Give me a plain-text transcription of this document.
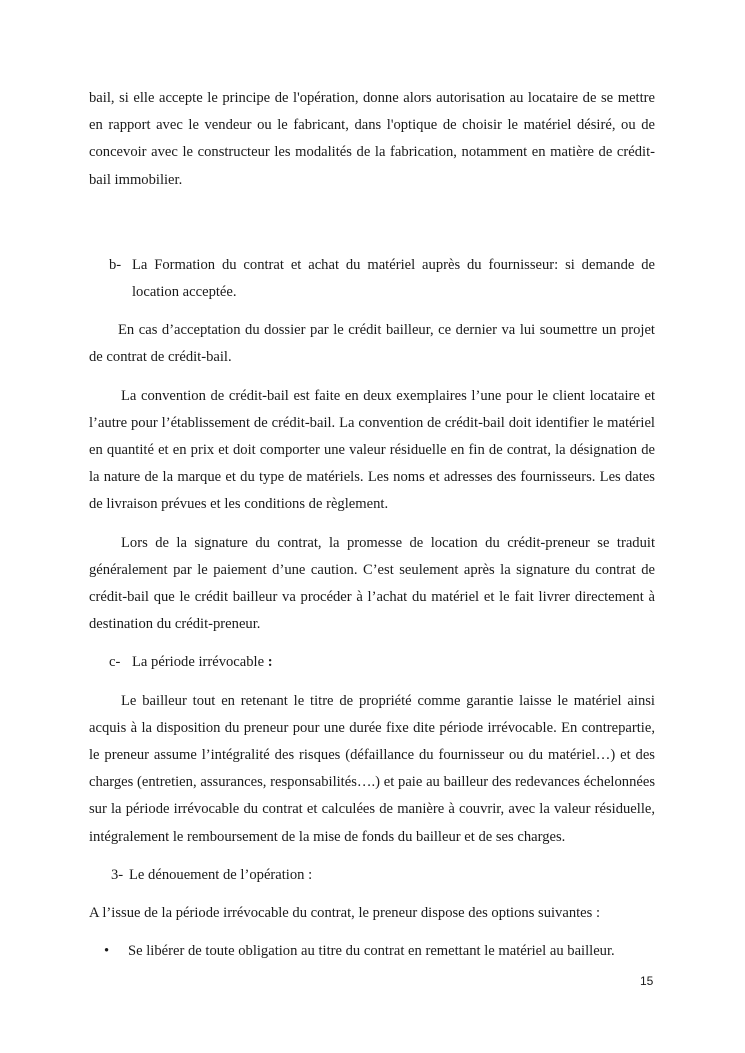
bail, si elle accepte le principe de l'opération, donne alors autorisation au locataire de se mettre en rapport avec le vendeur ou le fabricant, dans l'optique de choisir le matériel désiré, ou de concevoir avec le constructeur les modalités de la fabrication, notamment en matière de crédit-bail immobilier.

b- La Formation du contrat et achat du matériel auprès du fournisseur: si demande de location acceptée.

En cas d’acceptation du dossier par le crédit bailleur, ce dernier va lui soumettre un projet de contrat de crédit-bail.

La convention de crédit-bail est faite en deux exemplaires l’une pour le client locataire et l’autre pour l’établissement de crédit-bail. La convention de crédit-bail doit identifier le matériel en quantité et en prix et doit comporter une valeur résiduelle en fin de contrat, la désignation de la nature de la marque et du type de matériels. Les noms et adresses des fournisseurs. Les dates de livraison prévues et les conditions de règlement.

Lors de la signature du contrat, la promesse de location du crédit-preneur se traduit généralement par le paiement d’une caution. C’est seulement après la signature du contrat de crédit-bail que le crédit bailleur va procéder à l’achat du matériel et le fait livrer directement à destination du crédit-preneur.

c- La période irrévocable :

Le bailleur tout en retenant le titre de propriété comme garantie laisse le matériel ainsi acquis à la disposition du preneur pour une durée fixe dite période irrévocable. En contrepartie, le preneur assume l’intégralité des risques (défaillance du fournisseur ou du matériel…) et des charges (entretien, assurances, responsabilités….) et paie au bailleur des redevances échelonnées sur la période irrévocable du contrat et calculées de manière à couvrir, avec la valeur résiduelle, intégralement le remboursement de la mise de fonds du bailleur et de ses charges.

3- Le dénouement de l’opération :

A l’issue de la période irrévocable du contrat, le preneur dispose des options suivantes :

• Se libérer de toute obligation au titre du contrat en remettant le matériel au bailleur.
15
